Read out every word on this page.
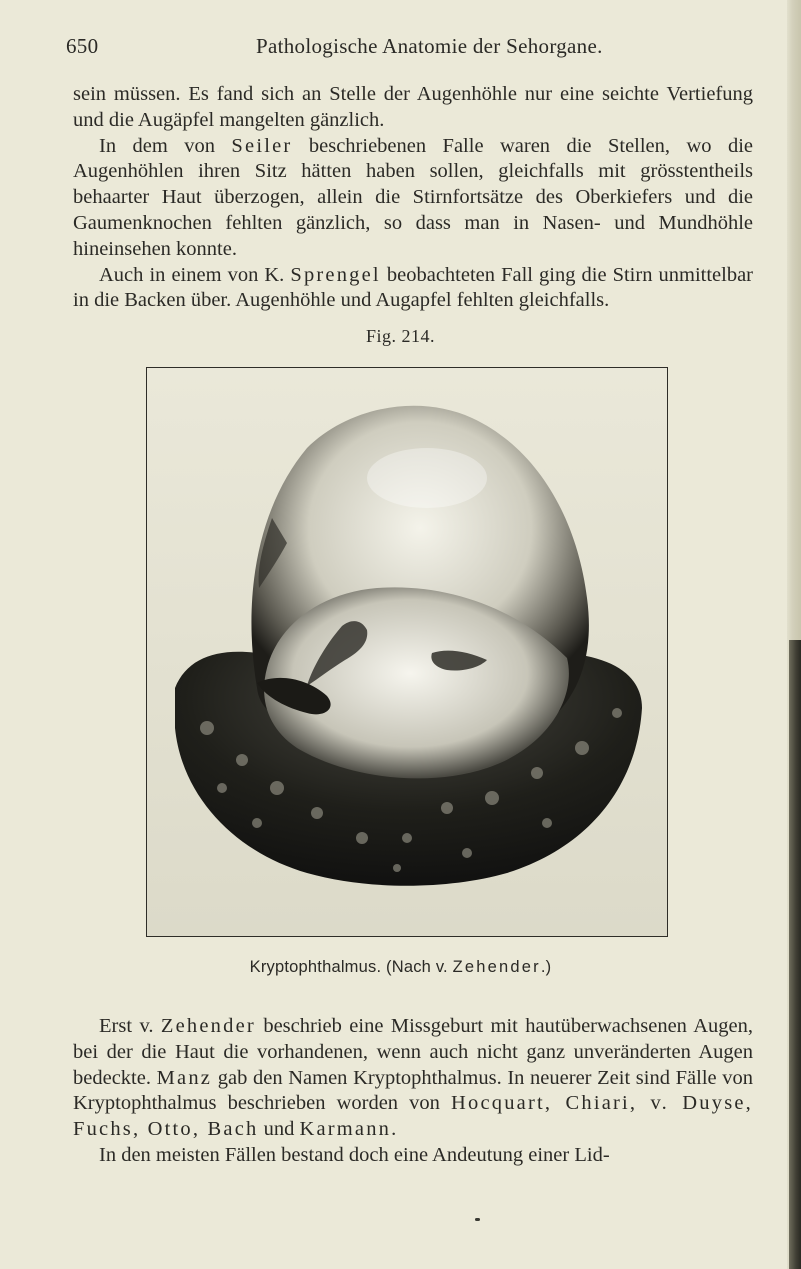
650	Pathologische Anatomie der Sehorgane.

sein müssen. Es fand sich an Stelle der Augenhöhle nur eine seichte Vertiefung und die Augäpfel mangelten gänzlich.

In dem von Seiler beschriebenen Falle waren die Stellen, wo die Augenhöhlen ihren Sitz hätten haben sollen, gleichfalls mit grösstentheils behaarter Haut überzogen, allein die Stirnfortsätze des Oberkiefers und die Gaumenknochen fehlten gänzlich, so dass man in Nasen- und Mundhöhle hineinsehen konnte.

Auch in einem von K. Sprengel beobachteten Fall ging die Stirn unmittelbar in die Backen über. Augenhöhle und Augapfel fehlten gleichfalls.

Fig. 214.
Kryptophthalmus. (Nach v. Zehender.)

Erst v. Zehender beschrieb eine Missgeburt mit hautüberwachsenen Augen, bei der die Haut die vorhandenen, wenn auch nicht ganz unveränderten Augen bedeckte. Manz gab den Namen Kryptophthalmus. In neuerer Zeit sind Fälle von Kryptophthalmus beschrieben worden von Hocquart, Chiari, v. Duyse, Fuchs, Otto, Bach und Karmann.

In den meisten Fällen bestand doch eine Andeutung einer Lid-
